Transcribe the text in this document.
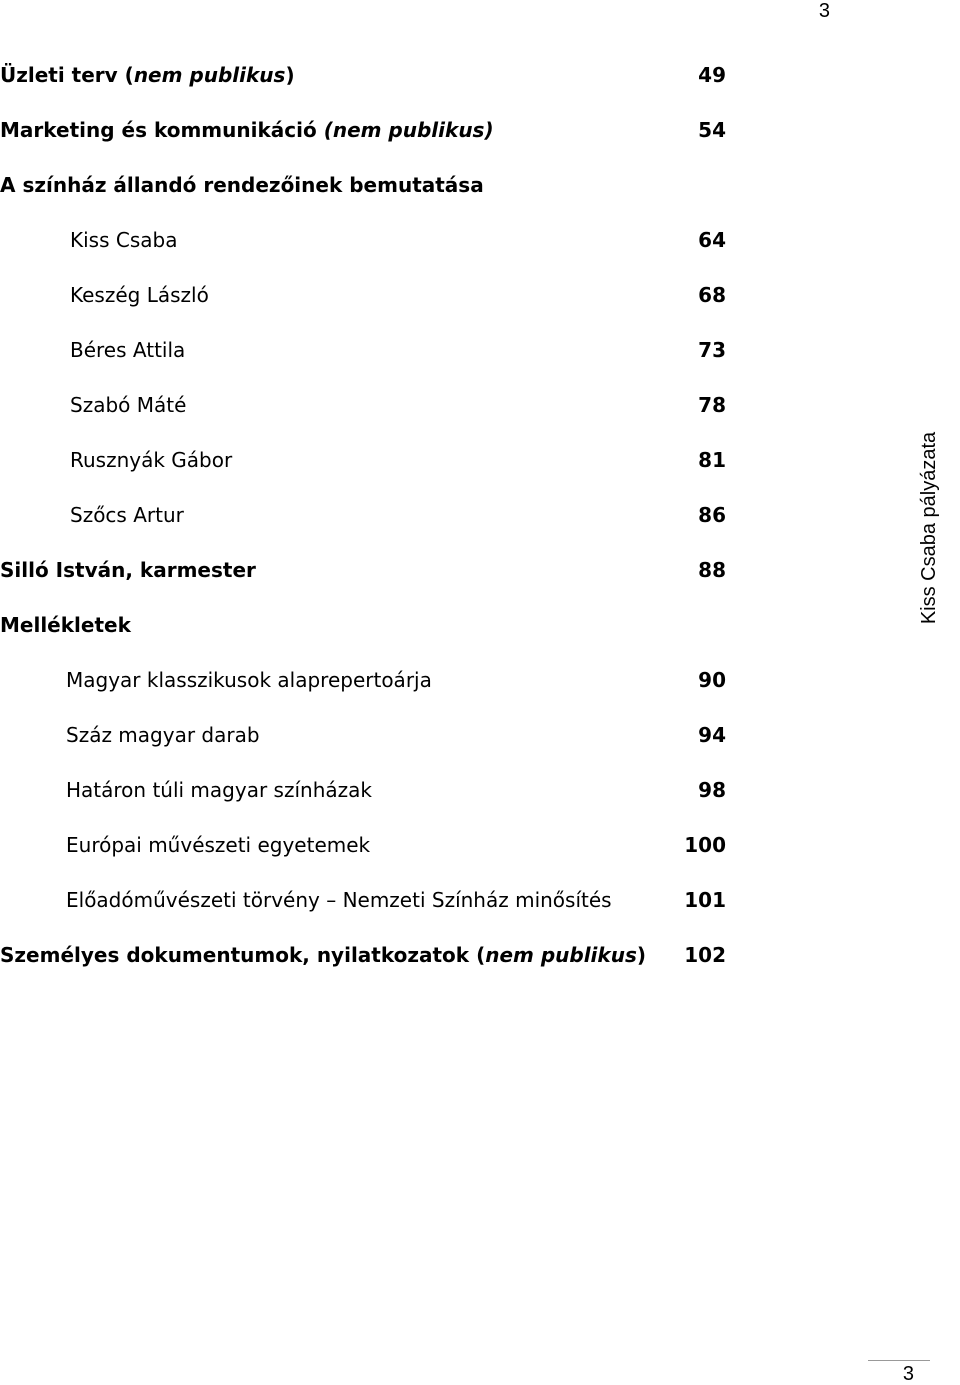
3
Üzleti terv (nem publikus)	49
Marketing és kommunikáció (nem publikus)	54
A színház állandó rendezőinek bemutatása
Kiss Csaba	64
Keszég László	68
Béres Attila	73
Szabó Máté	78
Rusznyák Gábor	81
Szőcs Artur	86
Silló István, karmester	88
Mellékletek
Magyar klasszikusok alaprepertoárja	90
Száz magyar darab	94
Határon túli magyar színházak	98
Európai művészeti egyetemek	100
Előadóművészeti törvény – Nemzeti Színház minősítés	101
Személyes dokumentumok, nyilatkozatok (nem publikus) 102
Kiss Csaba pályázata
3
